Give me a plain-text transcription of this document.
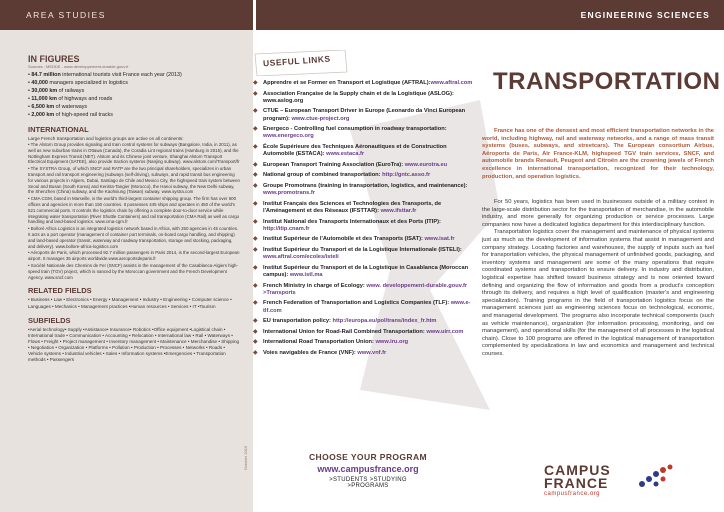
AREA STUDIES	ENGINEERING SCIENCES

IN FIGURES

Sources : MEDDE - www.developpement-durable.gouv.fr

• 84.7 million international tourists visit France each year (2013)
• 40,000 managers specialized in logistics
• 30,000 km of railways
• 11,000 km of highways and roads
• 6,500 km of waterways
• 2,000 km of high-speed rail tracks

INTERNATIONAL

Large French transportation and logistics groups are active on all continents:

• The Alstom Group provides signaling and train control systems for subways (Bangalore, India, in 2011), as well as new suburban trains in Ottawa (Canada), the Coradia Lint regional trains (Hamburg in 2015), and the Nottingham Express Transit (NET). Alstom and its Chinese joint venture, Shanghai Alstom Transport Electrical Equipment (SATEE), also provide traction systems (Nanjing subway). www.alstom.com/Transport/fr
• The SYSTRA Group, of which SNCF and RATP are the two principal shareholders, specializes in urban transport and rail transport engineering (subways (self-driving), subways, and rapid transit bus engineering for various projects in Algiers, Dubai, Santiago de Chile and Mexico City, the highspeed train system between Seoul and Busan (South Korea) and Kenitra-Tangier (Morocco), the Hanoi subway, the New Delhi subway, the Shenzhen (China) subway, and the Kaohsiung (Taiwan) subway. www.systra.com
• CMA CGM, based in Marseille, is the world's third-largest container shipping group. The firm has over 600 offices and agencies in more than 150 countries. It possesses 445 ships and operates in 450 of the world's 521 commercial ports. It controls the logistics chain by offering a complete door-to-door service while integrating water transportation (River Shuttle Containers) and rail transportation (CMA Rail) as well as cargo handling and land-based logistics. www.cma-cgm.fr
• Bolloré Africa Logistics is an integrated logistics network based in Africa, with 250 agencies in 45 countries. It acts as a port operator (management of container port terminals, on-board cargo handling, and shipping) and land-based operator (transit, waterway and roadway transportation, storage and stocking, packaging, and delivery). www.bollore-africa-logistics.com
• Aéroports de Paris, which processed 92.7 million passengers in Paris 2014, is the second-largest European airport. It manages 35 airports worldwide.www.aeroportsdeparis.fr
• Société Nationale des Chemins de Fer (SNCF) assists in the management of the Casablanca-Algiers high-speed train (TGV) project, which is nanced by the Moroccan government and the French Development Agency. www.sncf.com

RELATED FIELDS

• Business • Law • Electronics • Energy • Management • Industry • Engineering • Computer science • Languages • Mechanics • Management practices •Human resources • Services • IT •Tourism

SUBFIELDS

•Aerial technology• Supply •Assistance• Insurance• Robotics •Office equipment •Logistical chain • International trade • Communication • Accounting • Relocation • International law • Rail • Waterways • Flows • Freight • Project management • Inventory management • Maintenance • Merchandise • Shipping • Negotiation • Organization • Platforms • Pollution • Production • Processes • Networks • Roads • Vehicle systems • Industrial vehicles • Sales • Information systems •Emergencies • Transportation methods • Passengers

October 2015
USEFUL LINKS
◆ Apprendre et se Former en Transport et Logistique (AFTRAL):www.aftral.com
◆ Association Française de la Supply chain et de la Logistique (ASLOG): www.aslog.org
◆ CTUE – European Transport Driver in Europe (Leonardo da Vinci European program): www.ctue-project.org
◆ Energeco - Controlling fuel consumption in roadway transportation: www.energeco.org
◆ École Supérieure des Techniques Aéronautiques et de Construction Automobile (ESTACA): www.estaca.fr
◆ European Transport Training Association (EuroTra): www.eurotra.eu
◆ National group of combined transportation: http://gntc.asso.fr
◆ Groupe Promotrans (training in transportation, logistics, and maintenance): www.promotrans.fr
◆ Institut Français des Sciences et Technologies des Transports, de l'Aménagement et des Réseaux (IFSTTAR): www.ifsttar.fr
◆ Institut National des Transports Internationaux et des Ports (ITIP): http://itip.cnam.fr
◆ Institut Supérieur de l'Automobile et des Transports (ISAT): www.isat.fr
◆ Institut Supérieur du Transport et de la Logistique Internationale (ISTELI): www.aftral.com/ecoles/isteli
◆ Institut Supérieur du Transport et de la Logistique in Casablanca (Moroccan campus): www.istl.ma
◆ French Ministry in charge of Ecology: www. developpement-durable.gouv.fr >Transports
◆ French Federation of Transportation and Logistics Companies (TLF): www.e-tlf.com
◆ EU transportation policy: http://europa.eu/pol/trans/index_fr.htm
◆ International Union for Road-Rail Combined Transportation: www.uirr.com
◆ International Road Transportation Union: www.iru.org
◆ Voies navigables de France (VNF): www.vnf.fr
TRANSPORTATION

France has one of the densest and most efficient transportation networks in the world, including highway, rail and waterway networks, and a range of mass transit systems (buses, subways, and streetcars). The European consortium Airbus, Aéroports de Paris, Air France-KLM, highspeed TGV train services, SNCF, and automobile brands Renault, Peugeot and Citroën are the crowning jewels of French excellence in international transportation, recognized for their technology, production, and operation logistics.

For 50 years, logistics has been used in businesses outside of a military context in the large-scale distribution sector for the transportation of merchandise, in the automobile industry, and more generally for organizing production or service processes. Large companies now have a dedicated logistics department for this interdisciplinary function.

Transportation logistics cover the management and maintenance of physical systems just as much as the development of information systems that assist in management and company strategy. Locating factories and warehouses, the supply of inputs such as fuel for transportation vehicles, the physical management of unfinished goods, packaging, and inventory systems and management are some of the many operations that require coordinated systems and transportation to ensure delivery. In industry and distribution, logistical expertise has shifted toward business strategy and is now oriented toward defining and organizing the flow of information and goods from a product's conception through its delivery, and requires a high level of qualification (master's and engineering specialization). Training programs in the field of transportation logistics focus on the management sciences just as engineering sciences focus on technological, economic, and managerial development. The programs also incorporate technical components (such as vehicle maintenance), organization (for information processing, monitoring, and ow management), and operational skills (for the management of all processes in the logistical chain). Close to 100 programs are offered in the logistical management of transportation complemented by specializations in law and economics and management and technical courses.

CHOOSE YOUR PROGRAM
www.campusfrance.org
>STUDENTS >STUDYING
>PROGRAMS
CAMPUS
FRANCE
campusfrance.org
